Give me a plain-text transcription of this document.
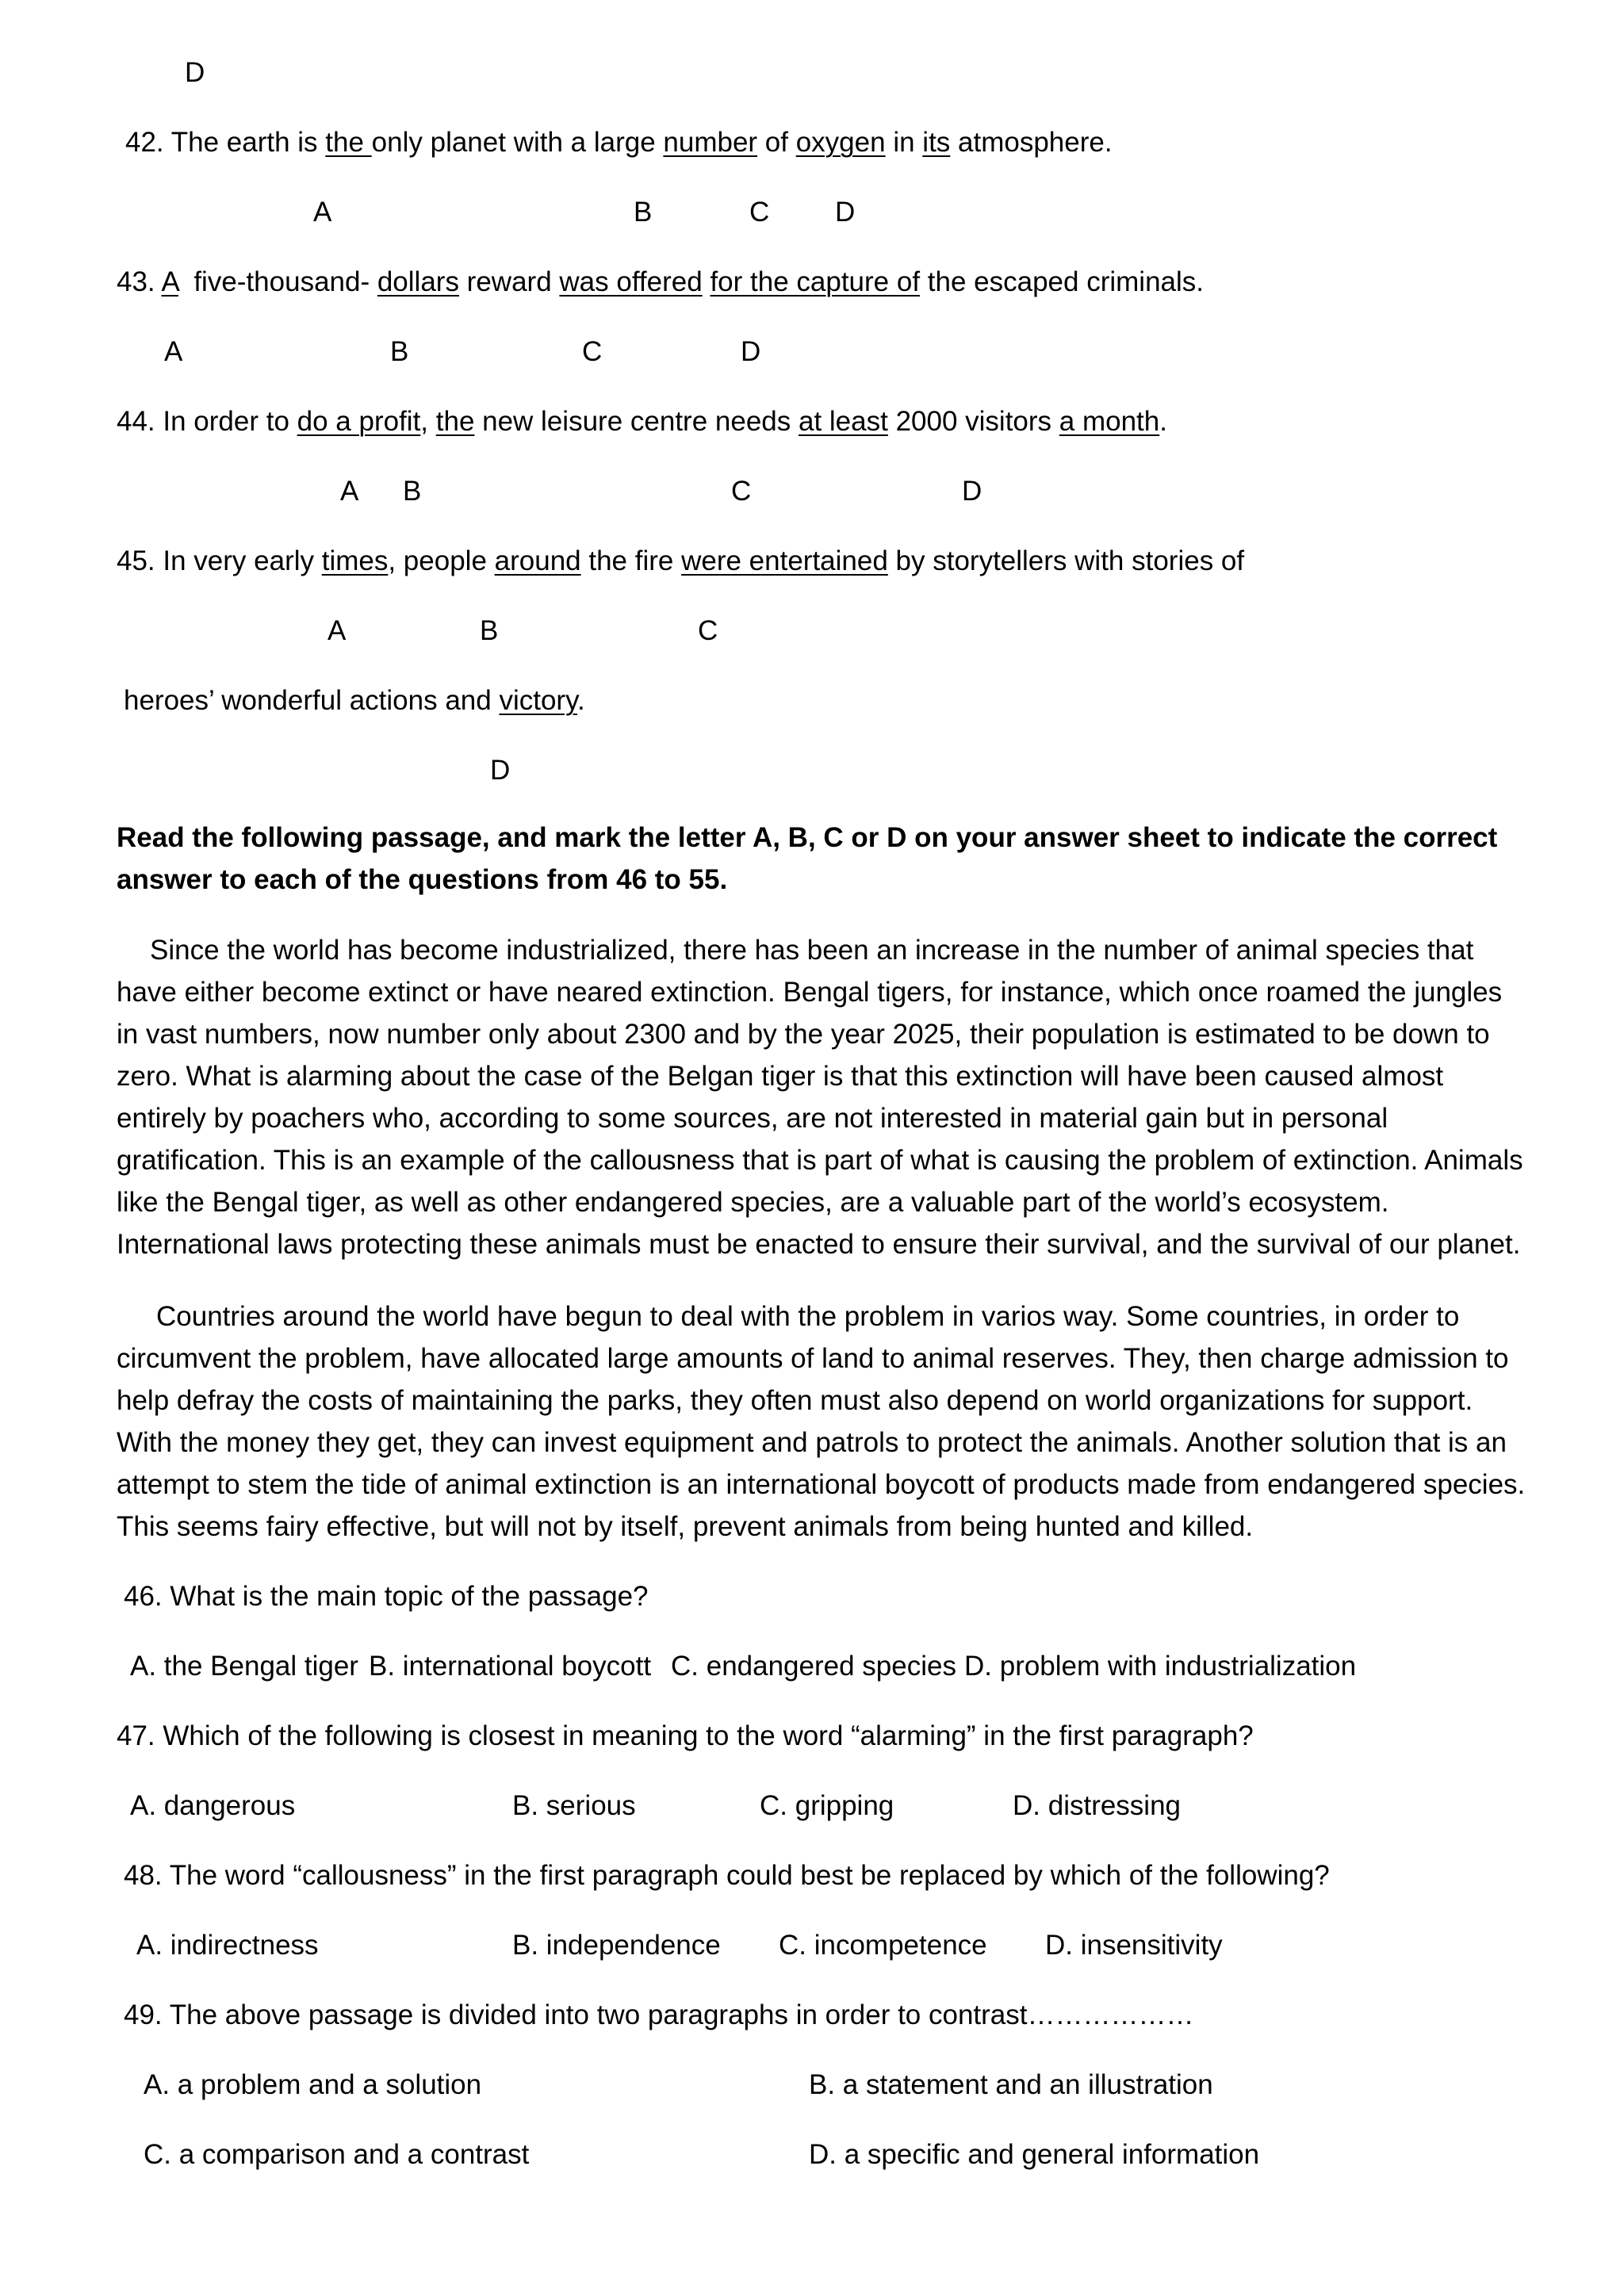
D
42. The earth is the only planet with a large number of oxygen in its atmosphere.
A	B	C D
43. A  five-thousand- dollars reward was offered for the capture of the escaped criminals.
A	B	C	D
44. In order to do a profit, the new leisure centre needs at least 2000 visitors a month.
A B	C	D
45. In very early times, people around the fire were entertained by storytellers with stories of
A	B	C
heroes’ wonderful actions and victory.
D
Read the following passage, and mark the letter A, B, C or D on your answer sheet to indicate the correct answer to each of the questions from 46 to 55.
Since the world has become industrialized, there has been an increase in the number of animal species that have either become extinct or have neared extinction. Bengal tigers, for instance, which once roamed the jungles in vast numbers, now number only about 2300 and by the year 2025, their population is estimated to be down to zero. What is alarming about the case of the Belgan tiger is that this extinction will have been caused almost entirely by poachers who, according to some sources, are not interested in material gain but in personal gratification. This is an example of the callousness that is part of what is causing the problem of extinction. Animals like the Bengal tiger, as well as other endangered species, are a valuable part of the world’s ecosystem. International laws protecting these animals must be enacted to ensure their survival, and the survival of our planet.
Countries around the world have begun to deal with the problem in varios way. Some countries, in order to circumvent the problem, have allocated large amounts of land to animal reserves. They, then charge admission to help defray the costs of maintaining the parks, they often must also depend on world organizations for support. With the money they get, they can invest equipment and patrols to protect the animals. Another solution that is an attempt to stem the tide of animal extinction is an international boycott of products made from endangered species. This seems fairy effective, but will not by itself, prevent animals from being hunted and killed.
46. What is the main topic of the passage?
A. the Bengal tiger B. international boycott C. endangered species D. problem with industrialization
47. Which of the following is closest in meaning to the word “alarming” in the first paragraph?
A. dangerous	B. serious	C. gripping	D. distressing
48. The word “callousness” in the first paragraph could best be replaced by which of the following?
A. indirectness	B. independence C. incompetence D. insensitivity
49. The above passage is divided into two paragraphs in order to contrast………………
A. a problem and a solution	B. a statement and an illustration
C. a comparison and a contrast	D. a specific and general information
